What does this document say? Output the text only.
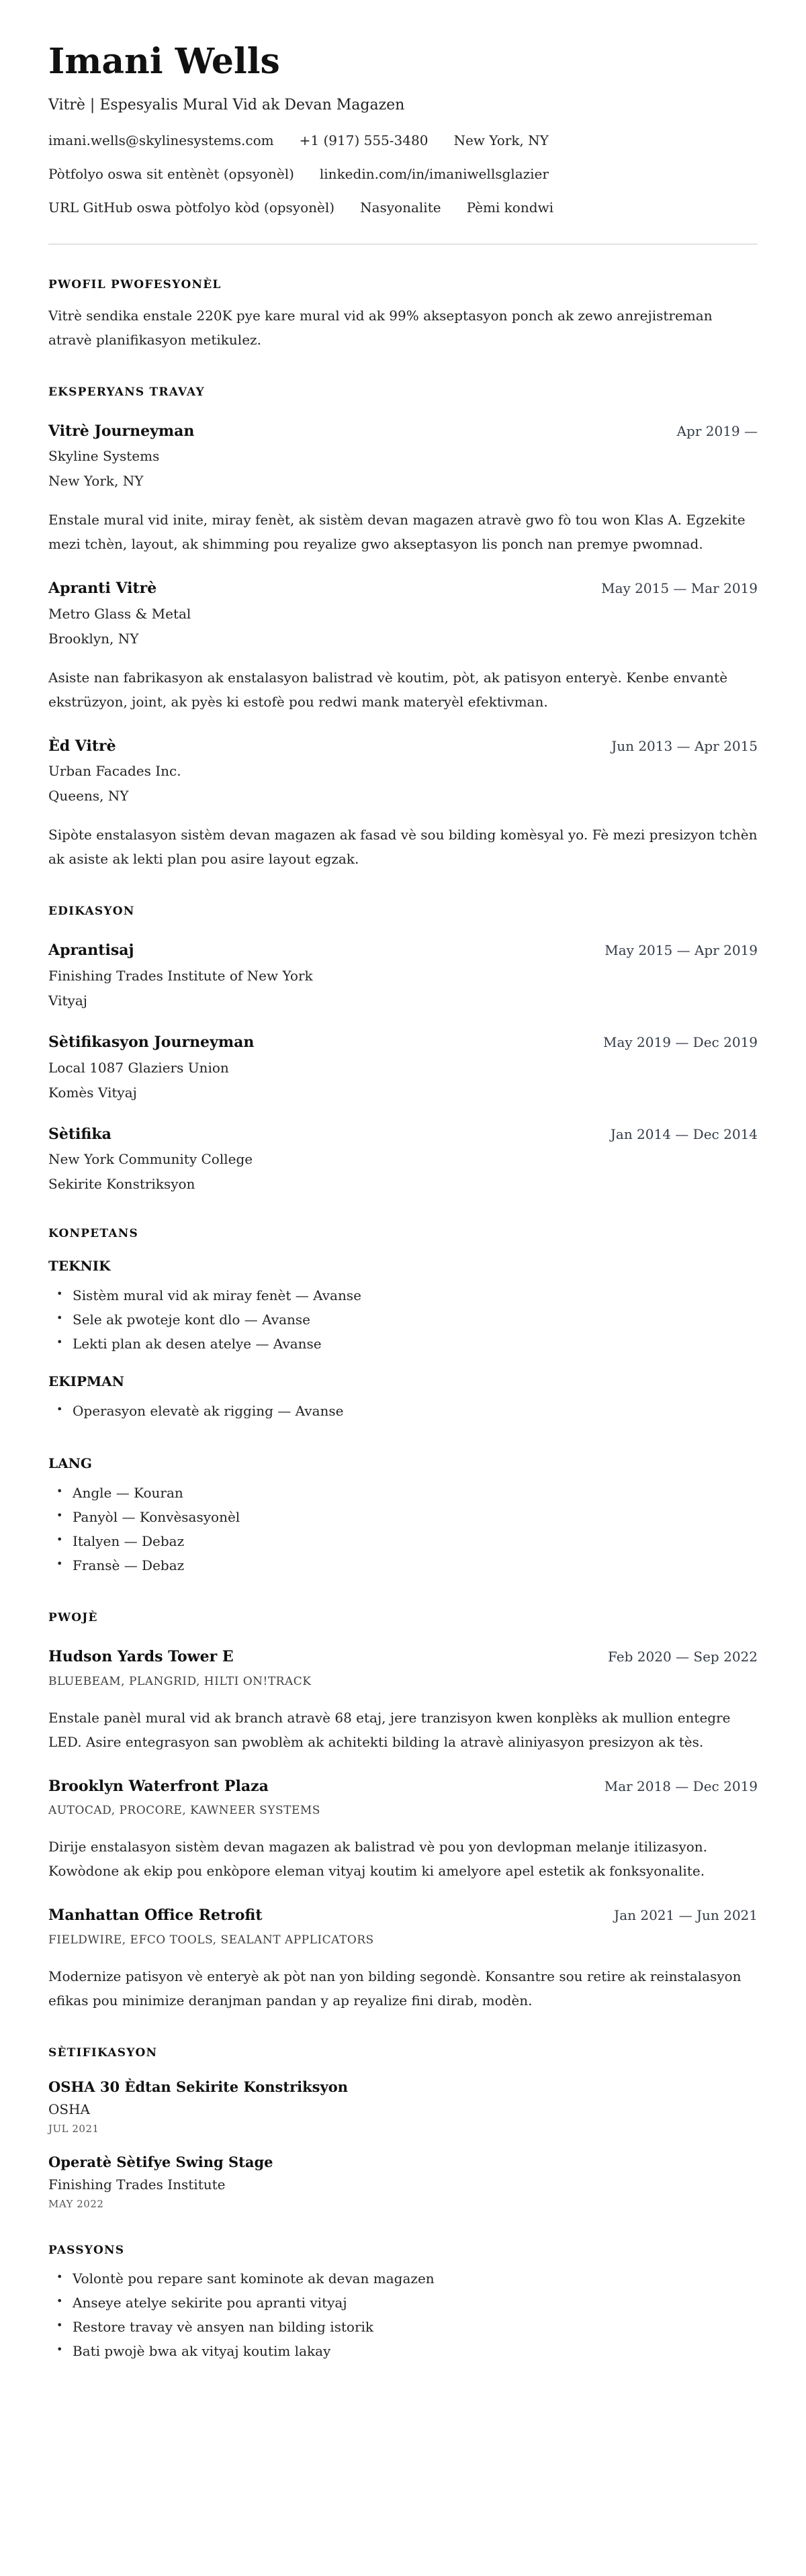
Imani Wells
Vitrè | Espesyalis Mural Vid ak Devan Magazen
imani.wells@skylinesystems.com +1 (917) 555-3480 New York, NY
Pòtfolyo oswa sit entènèt (opsyonèl) linkedin.com/in/imaniwellsglazier
URL GitHub oswa pòtfolyo kòd (opsyonèl) Nasyonalite Pèmi kondwi
PWOFIL PWOFESYONÈL

Vitrè sendika enstale 220K pye kare mural vid ak 99% akseptasyon ponch ak zewo anrejistreman atravè planifikasyon metikulez.

EKSPERYANS TRAVAY
Vitrè Journeyman	Apr 2019 —
Skyline Systems
New York, NY

Enstale mural vid inite, miray fenèt, ak sistèm devan magazen atravè gwo fò tou won Klas A. Egzekite mezi tchèn, layout, ak shimming pou reyalize gwo akseptasyon lis ponch nan premye pwomnad.

Apranti Vitrè	May 2015 — Mar 2019
Metro Glass & Metal
Brooklyn, NY

Asiste nan fabrikasyon ak enstalasyon balistrad vè koutim, pòt, ak patisyon enteryè. Kenbe envantè ekstrüzyon, joint, ak pyès ki estofè pou redwi mank materyèl efektivman.

Èd Vitrè	Jun 2013 — Apr 2015
Urban Facades Inc.
Queens, NY

Sipòte enstalasyon sistèm devan magazen ak fasad vè sou bilding komèsyal yo. Fè mezi presizyon tchèn ak asiste ak lekti plan pou asire layout egzak.

EDIKASYON
Aprantisaj	May 2015 — Apr 2019
Finishing Trades Institute of New York
Vityaj
Sètifikasyon Journeyman	May 2019 — Dec 2019
Local 1087 Glaziers Union
Komès Vityaj
Sètifika	Jan 2014 — Dec 2014
New York Community College
Sekirite Konstriksyon
KONPETANS
TEKNIK
• Sistèm mural vid ak miray fenèt — Avanse
• Sele ak pwoteje kont dlo — Avanse
• Lekti plan ak desen atelye — Avanse
EKIPMAN
• Operasyon elevatè ak rigging — Avanse
LANG
• Angle — Kouran
• Panyòl — Konvèsasyonèl
• Italyen — Debaz
• Fransè — Debaz
PWOJÈ
Hudson Yards Tower E	Feb 2020 — Sep 2022
BLUEBEAM, PLANGRID, HILTI ON!TRACK

Enstale panèl mural vid ak branch atravè 68 etaj, jere tranzisyon kwen konplèks ak mullion entegre LED. Asire entegrasyon san pwoblèm ak achitekti bilding la atravè aliniyasyon presizyon ak tès.

Brooklyn Waterfront Plaza	Mar 2018 — Dec 2019
AUTOCAD, PROCORE, KAWNEER SYSTEMS

Dirije enstalasyon sistèm devan magazen ak balistrad vè pou yon devlopman melanje itilizasyon. Kowòdone ak ekip pou enkòpore eleman vityaj koutim ki amelyore apel estetik ak fonksyonalite.

Manhattan Office Retrofit	Jan 2021 — Jun 2021
FIELDWIRE, EFCO TOOLS, SEALANT APPLICATORS

Modernize patisyon vè enteryè ak pòt nan yon bilding segondè. Konsantre sou retire ak reinstalasyon efikas pou minimize deranjman pandan y ap reyalize fini dirab, modèn.

SÈTIFIKASYON
OSHA 30 Èdtan Sekirite Konstriksyon
OSHA
JUL 2021
Operatè Sètifye Swing Stage
Finishing Trades Institute
MAY 2022
PASSYONS
• Volontè pou repare sant kominote ak devan magazen
• Anseye atelye sekirite pou apranti vityaj
• Restore travay vè ansyen nan bilding istorik
• Bati pwojè bwa ak vityaj koutim lakay
